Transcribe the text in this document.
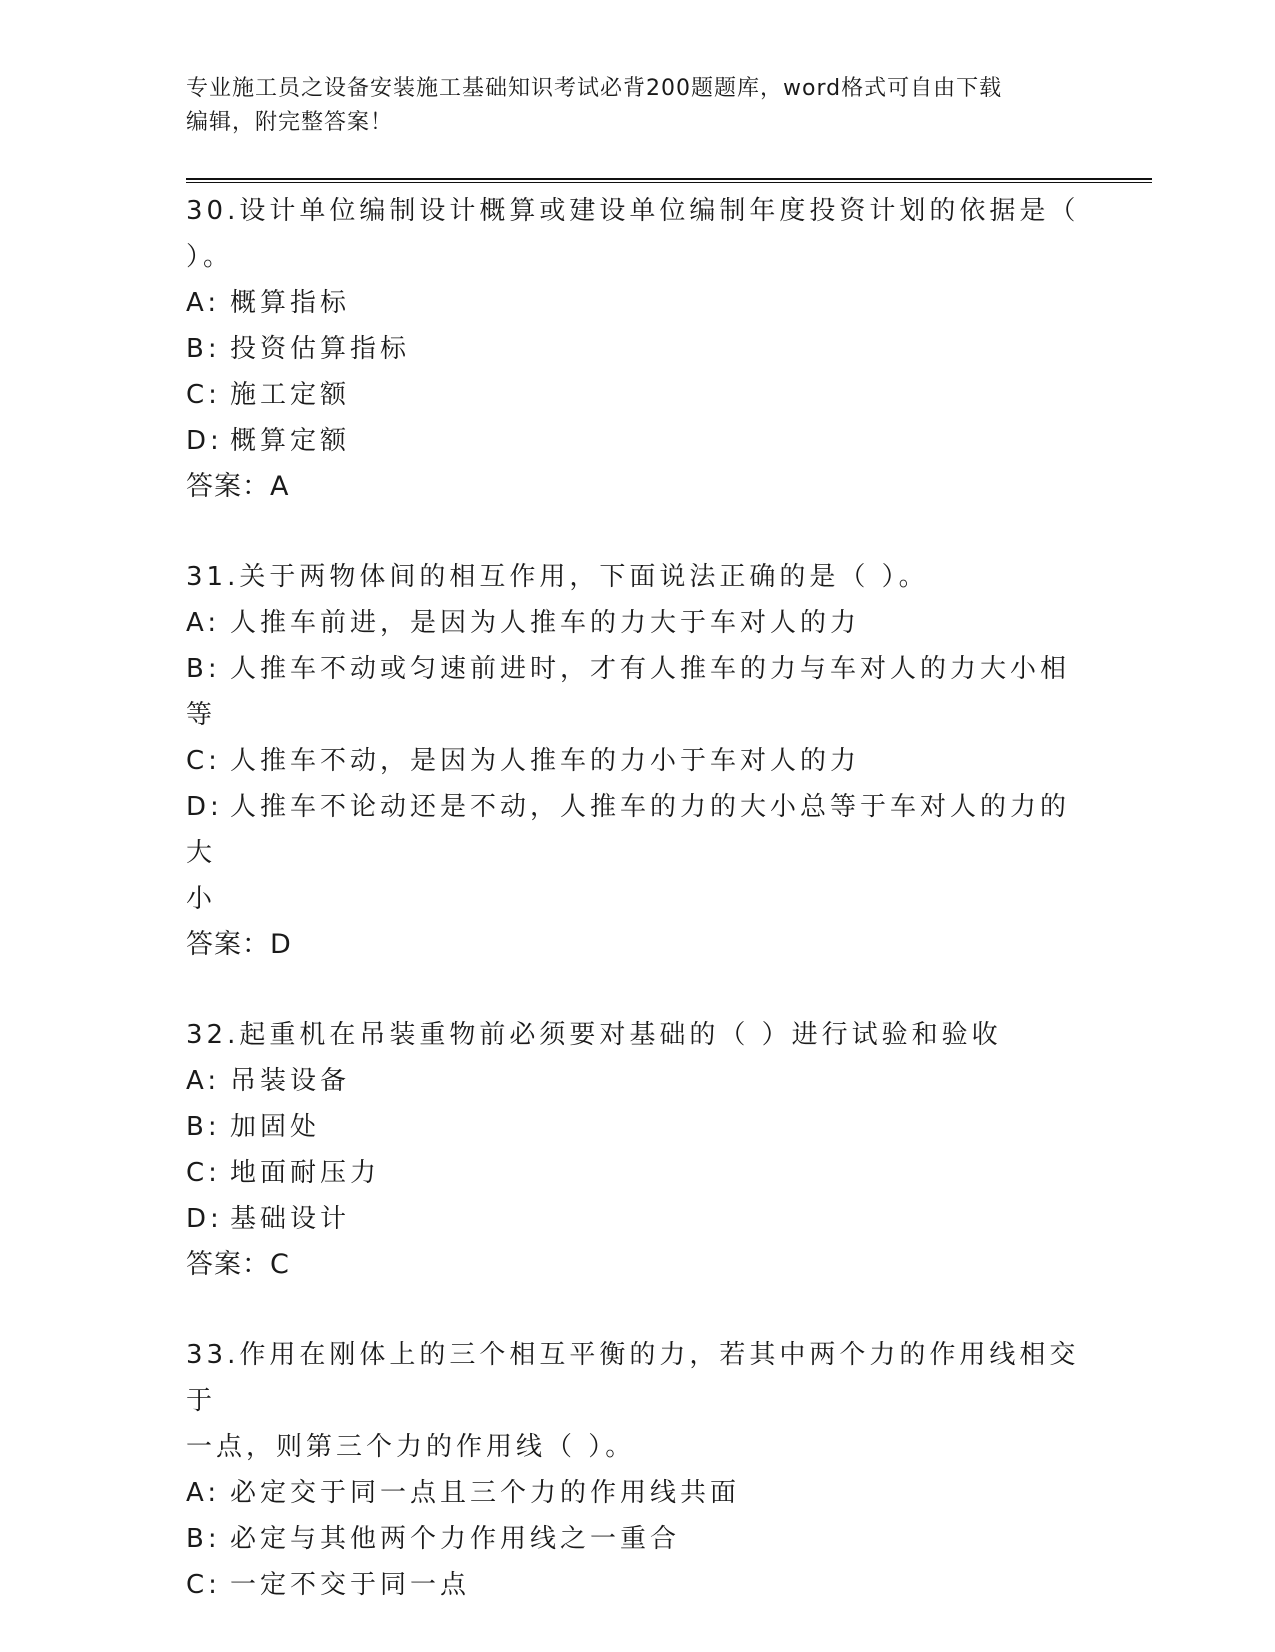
专业施工员之设备安装施工基础知识考试必背200题题库，word格式可自由下载
编辑，附完整答案！

30.设计单位编制设计概算或建设单位编制年度投资计划的依据是（

）。

A: 概算指标

B: 投资估算指标

C: 施工定额

D: 概算定额

答案：A

31.关于两物体间的相互作用，下面说法正确的是（ ）。

A: 人推车前进，是因为人推车的力大于车对人的力

B: 人推车不动或匀速前进时，才有人推车的力与车对人的力大小相等

C: 人推车不动，是因为人推车的力小于车对人的力

D: 人推车不论动还是不动，人推车的力的大小总等于车对人的力的大

小

答案：D

32.起重机在吊装重物前必须要对基础的（ ）进行试验和验收

A: 吊装设备

B: 加固处

C: 地面耐压力

D: 基础设计

答案：C

33.作用在刚体上的三个相互平衡的力，若其中两个力的作用线相交于

一点，则第三个力的作用线（ ）。

A: 必定交于同一点且三个力的作用线共面

B: 必定与其他两个力作用线之一重合

C: 一定不交于同一点
